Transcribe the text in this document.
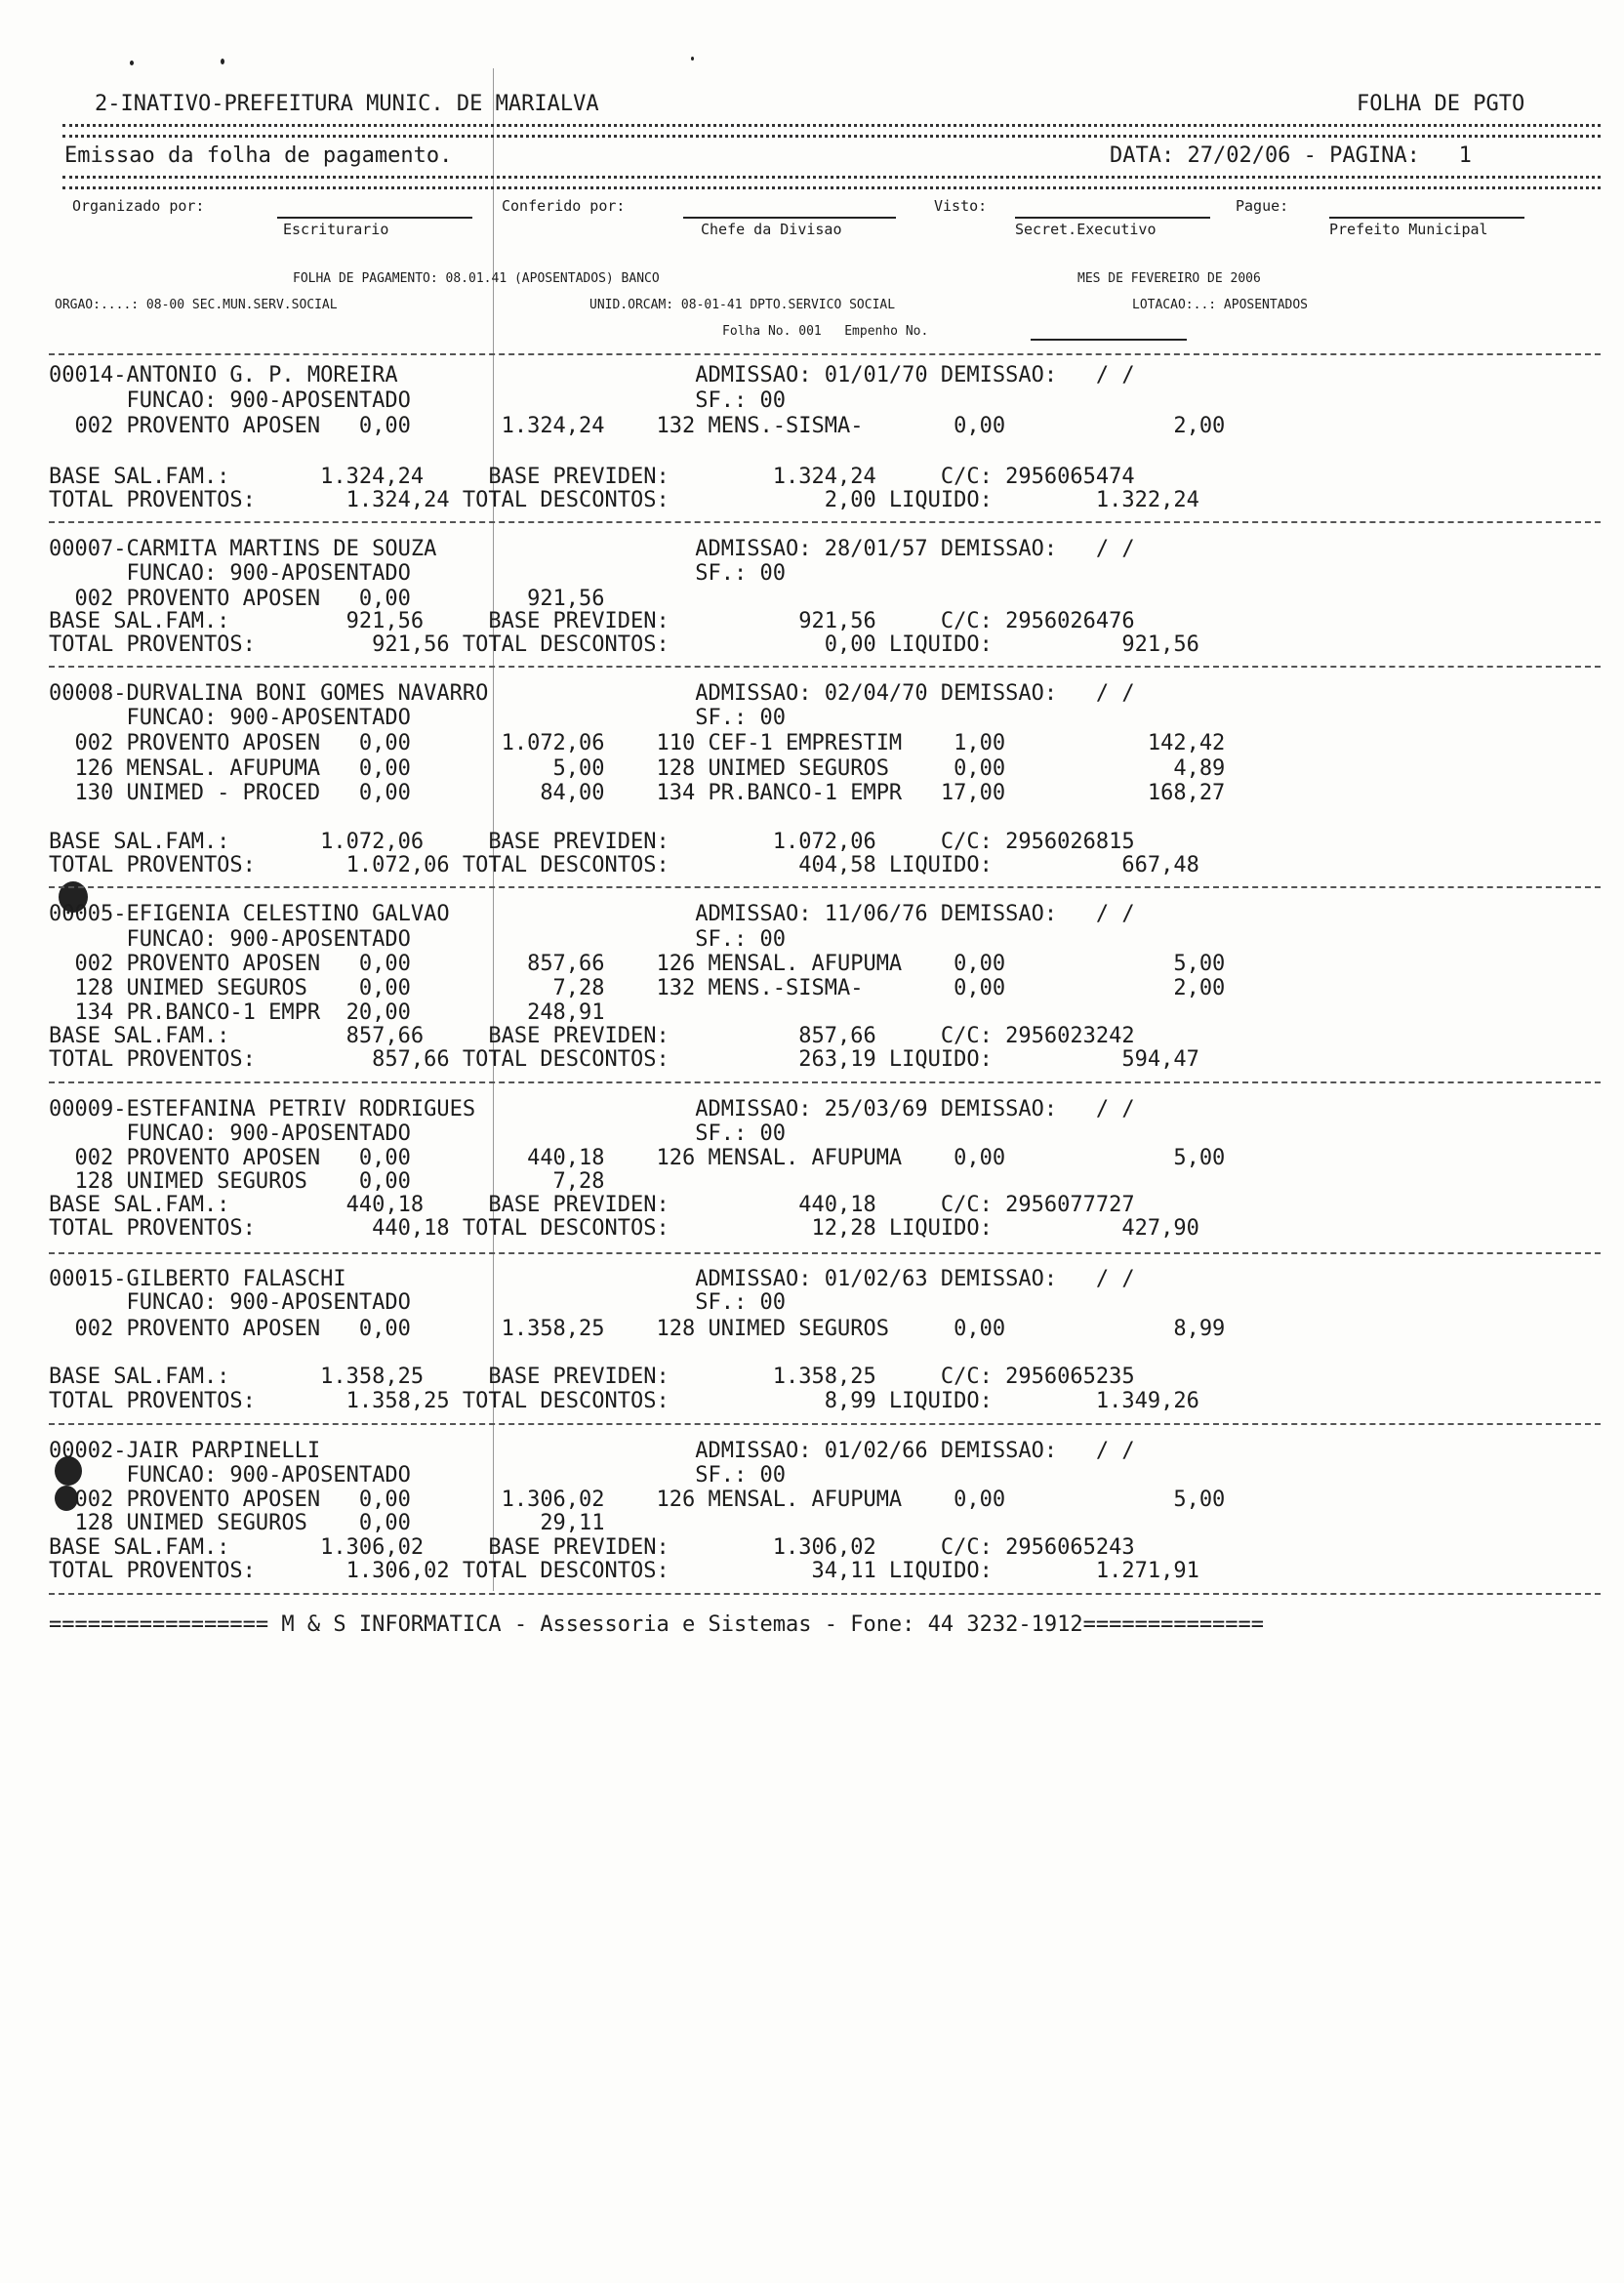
2-INATIVO-PREFEITURA MUNIC. DE MARIALVA	FOLHA DE PGTO
Emissao da folha de pagamento.	DATA: 27/02/06 - PAGINA:   1
Organizado por:
Escriturario
Conferido por:
Chefe da Divisao
Visto:
Secret.Executivo
Pague:
Prefeito Municipal
FOLHA DE PAGAMENTO: 08.01.41 (APOSENTADOS) BANCO	MES DE FEVEREIRO DE 2006
ORGAO:....: 08-00 SEC.MUN.SERV.SOCIAL	UNID.ORCAM: 08-01-41 DPTO.SERVICO SOCIAL	LOTACAO:..: APOSENTADOS
Folha No. 001   Empenho No.
00014-ANTONIO G. P. MOREIRA                       ADMISSAO: 01/01/70 DEMISSAO:   / /
FUNCAO: 900-APOSENTADO                      SF.: 00
002 PROVENTO APOSEN   0,00       1.324,24    132 MENS.-SISMA-       0,00             2,00
BASE SAL.FAM.:       1.324,24     BASE PREVIDEN:        1.324,24     C/C: 2956065474
TOTAL PROVENTOS:       1.324,24 TOTAL DESCONTOS:            2,00 LIQUIDO:        1.322,24
00007-CARMITA MARTINS DE SOUZA                    ADMISSAO: 28/01/57 DEMISSAO:   / /
FUNCAO: 900-APOSENTADO                      SF.: 00
002 PROVENTO APOSEN   0,00         921,56
BASE SAL.FAM.:         921,56     BASE PREVIDEN:          921,56     C/C: 2956026476
TOTAL PROVENTOS:         921,56 TOTAL DESCONTOS:            0,00 LIQUIDO:          921,56
00008-DURVALINA BONI GOMES NAVARRO                ADMISSAO: 02/04/70 DEMISSAO:   / /
FUNCAO: 900-APOSENTADO                      SF.: 00
002 PROVENTO APOSEN   0,00       1.072,06    110 CEF-1 EMPRESTIM    1,00           142,42
126 MENSAL. AFUPUMA   0,00           5,00    128 UNIMED SEGUROS     0,00             4,89
130 UNIMED - PROCED   0,00          84,00    134 PR.BANCO-1 EMPR   17,00           168,27
BASE SAL.FAM.:       1.072,06     BASE PREVIDEN:        1.072,06     C/C: 2956026815
TOTAL PROVENTOS:       1.072,06 TOTAL DESCONTOS:          404,58 LIQUIDO:          667,48
00005-EFIGENIA CELESTINO GALVAO                   ADMISSAO: 11/06/76 DEMISSAO:   / /
FUNCAO: 900-APOSENTADO                      SF.: 00
002 PROVENTO APOSEN   0,00         857,66    126 MENSAL. AFUPUMA    0,00             5,00
128 UNIMED SEGUROS    0,00           7,28    132 MENS.-SISMA-       0,00             2,00
134 PR.BANCO-1 EMPR  20,00         248,91
BASE SAL.FAM.:         857,66     BASE PREVIDEN:          857,66     C/C: 2956023242
TOTAL PROVENTOS:         857,66 TOTAL DESCONTOS:          263,19 LIQUIDO:          594,47
00009-ESTEFANINA PETRIV RODRIGUES                 ADMISSAO: 25/03/69 DEMISSAO:   / /
FUNCAO: 900-APOSENTADO                      SF.: 00
002 PROVENTO APOSEN   0,00         440,18    126 MENSAL. AFUPUMA    0,00             5,00
128 UNIMED SEGUROS    0,00           7,28
BASE SAL.FAM.:         440,18     BASE PREVIDEN:          440,18     C/C: 2956077727
TOTAL PROVENTOS:         440,18 TOTAL DESCONTOS:           12,28 LIQUIDO:          427,90
00015-GILBERTO FALASCHI                           ADMISSAO: 01/02/63 DEMISSAO:   / /
FUNCAO: 900-APOSENTADO                      SF.: 00
002 PROVENTO APOSEN   0,00       1.358,25    128 UNIMED SEGUROS     0,00             8,99
BASE SAL.FAM.:       1.358,25     BASE PREVIDEN:        1.358,25     C/C: 2956065235
TOTAL PROVENTOS:       1.358,25 TOTAL DESCONTOS:            8,99 LIQUIDO:        1.349,26
00002-JAIR PARPINELLI                             ADMISSAO: 01/02/66 DEMISSAO:   / /
FUNCAO: 900-APOSENTADO                      SF.: 00
002 PROVENTO APOSEN   0,00       1.306,02    126 MENSAL. AFUPUMA    0,00             5,00
128 UNIMED SEGUROS    0,00          29,11
BASE SAL.FAM.:       1.306,02     BASE PREVIDEN:        1.306,02     C/C: 2956065243
TOTAL PROVENTOS:       1.306,02 TOTAL DESCONTOS:           34,11 LIQUIDO:        1.271,91
================= M & S INFORMATICA - Assessoria e Sistemas - Fone: 44 3232-1912==============
